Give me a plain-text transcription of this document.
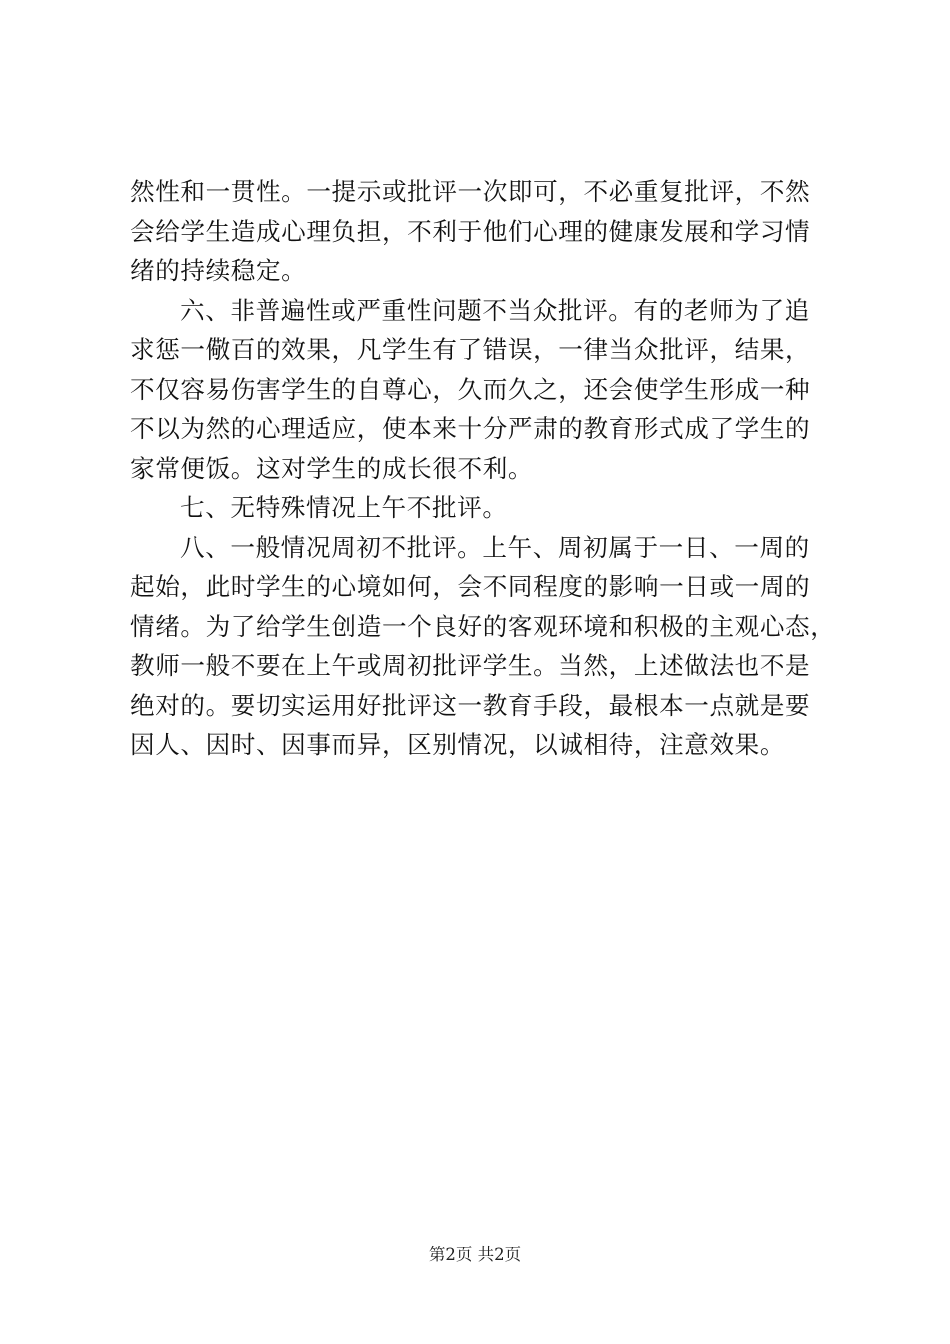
然性和一贯性。一提示或批评一次即可，不必重复批评，不然
会给学生造成心理负担，不利于他们心理的健康发展和学习情
绪的持续稳定。
六、非普遍性或严重性问题不当众批评。有的老师为了追
求惩一儆百的效果，凡学生有了错误，一律当众批评，结果，
不仅容易伤害学生的自尊心，久而久之，还会使学生形成一种
不以为然的心理适应，使本来十分严肃的教育形式成了学生的
家常便饭。这对学生的成长很不利。
七、无特殊情况上午不批评。
八、一般情况周初不批评。上午、周初属于一日、一周的
起始，此时学生的心境如何，会不同程度的影响一日或一周的
情绪。为了给学生创造一个良好的客观环境和积极的主观心态，
教师一般不要在上午或周初批评学生。当然，上述做法也不是
绝对的。要切实运用好批评这一教育手段，最根本一点就是要
因人、因时、因事而异，区别情况，以诚相待，注意效果。
第2页 共2页
